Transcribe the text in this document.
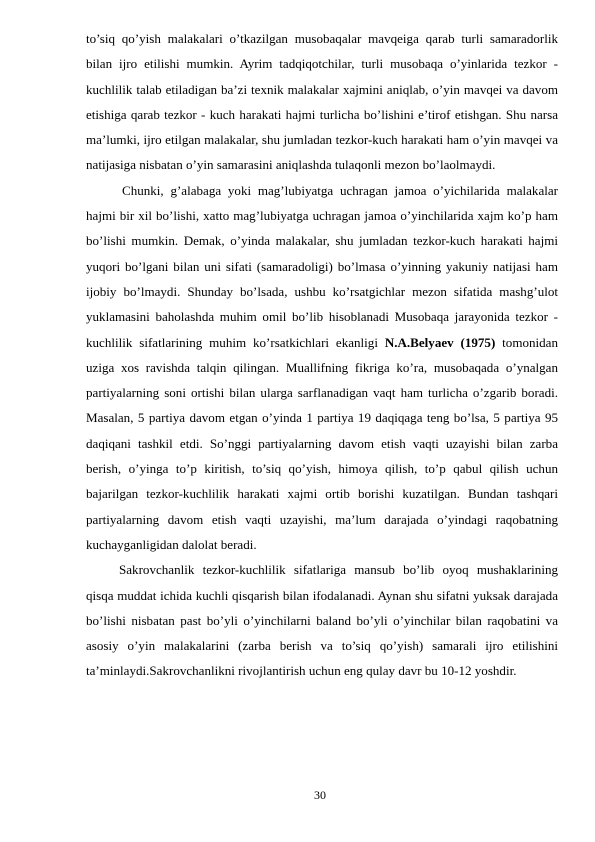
to’siq qo’yish malakalari o’tkazilgan musobaqalar mavqeiga qarab turli samaradorlik bilan ijro etilishi mumkin. Ayrim tadqiqotchilar, turli musobaqa o’yinlarida tezkor - kuchlilik talab etiladigan ba’zi texnik malakalar xajmini aniqlab, o’yin mavqei va davom etishiga qarab tezkor - kuch harakati hajmi turlicha bo’lishini e’tirof etishgan. Shu narsa ma’lumki, ijro etilgan malakalar, shu jumladan tezkor-kuch harakati ham o’yin mavqei va natijasiga nisbatan o’yin samarasini aniqlashda tulaqonli mezon bo’laolmaydi.

Chunki, g’alabaga yoki mag’lubiyatga uchragan jamoa o’yichilarida malakalar hajmi bir xil bo’lishi, xatto mag’lubiyatga uchragan jamoa o’yinchilarida xajm ko’p ham bo’lishi mumkin. Demak, o’yinda malakalar, shu jumladan tezkor-kuch harakati hajmi yuqori bo’lgani bilan uni sifati (samaradoligi) bo’lmasa o’yinning yakuniy natijasi ham ijobiy bo’lmaydi. Shunday bo’lsada, ushbu ko’rsatgichlar mezon sifatida mashg’ulot yuklamasini baholashda muhim omil bo’lib hisoblanadi Musobaqa jarayonida tezkor - kuchlilik sifatlarining muhim ko’rsatkichlari ekanligi N.A.Belyaev (1975) tomonidan uziga xos ravishda talqin qilingan. Muallifning fikriga ko’ra, musobaqada o’ynalgan partiyalarning soni ortishi bilan ularga sarflanadigan vaqt ham turlicha o’zgarib boradi. Masalan, 5 partiya davom etgan o’yinda 1 partiya 19 daqiqaga teng bo’lsa, 5 partiya 95 daqiqani tashkil etdi. So’nggi partiyalarning davom etish vaqti uzayishi bilan zarba berish, o’yinga to’p kiritish, to’siq qo’yish, himoya qilish, to’p qabul qilish uchun bajarilgan tezkor-kuchlilik harakati xajmi ortib borishi kuzatilgan. Bundan tashqari partiyalarning davom etish vaqti uzayishi, ma’lum darajada o’yindagi raqobatning kuchayganligidan dalolat beradi.

Sakrovchanlik tezkor-kuchlilik sifatlariga mansub bo’lib oyoq mushaklarining qisqa muddat ichida kuchli qisqarish bilan ifodalanadi. Aynan shu sifatni yuksak darajada bo’lishi nisbatan past bo’yli o’yinchilarni baland bo’yli o’yinchilar bilan raqobatini va asosiy o’yin malakalarini (zarba berish va to’siq qo’yish) samarali ijro etilishini ta’minlaydi.Sakrovchanlikni rivojlantirish uchun eng qulay davr bu 10-12 yoshdir.

30
